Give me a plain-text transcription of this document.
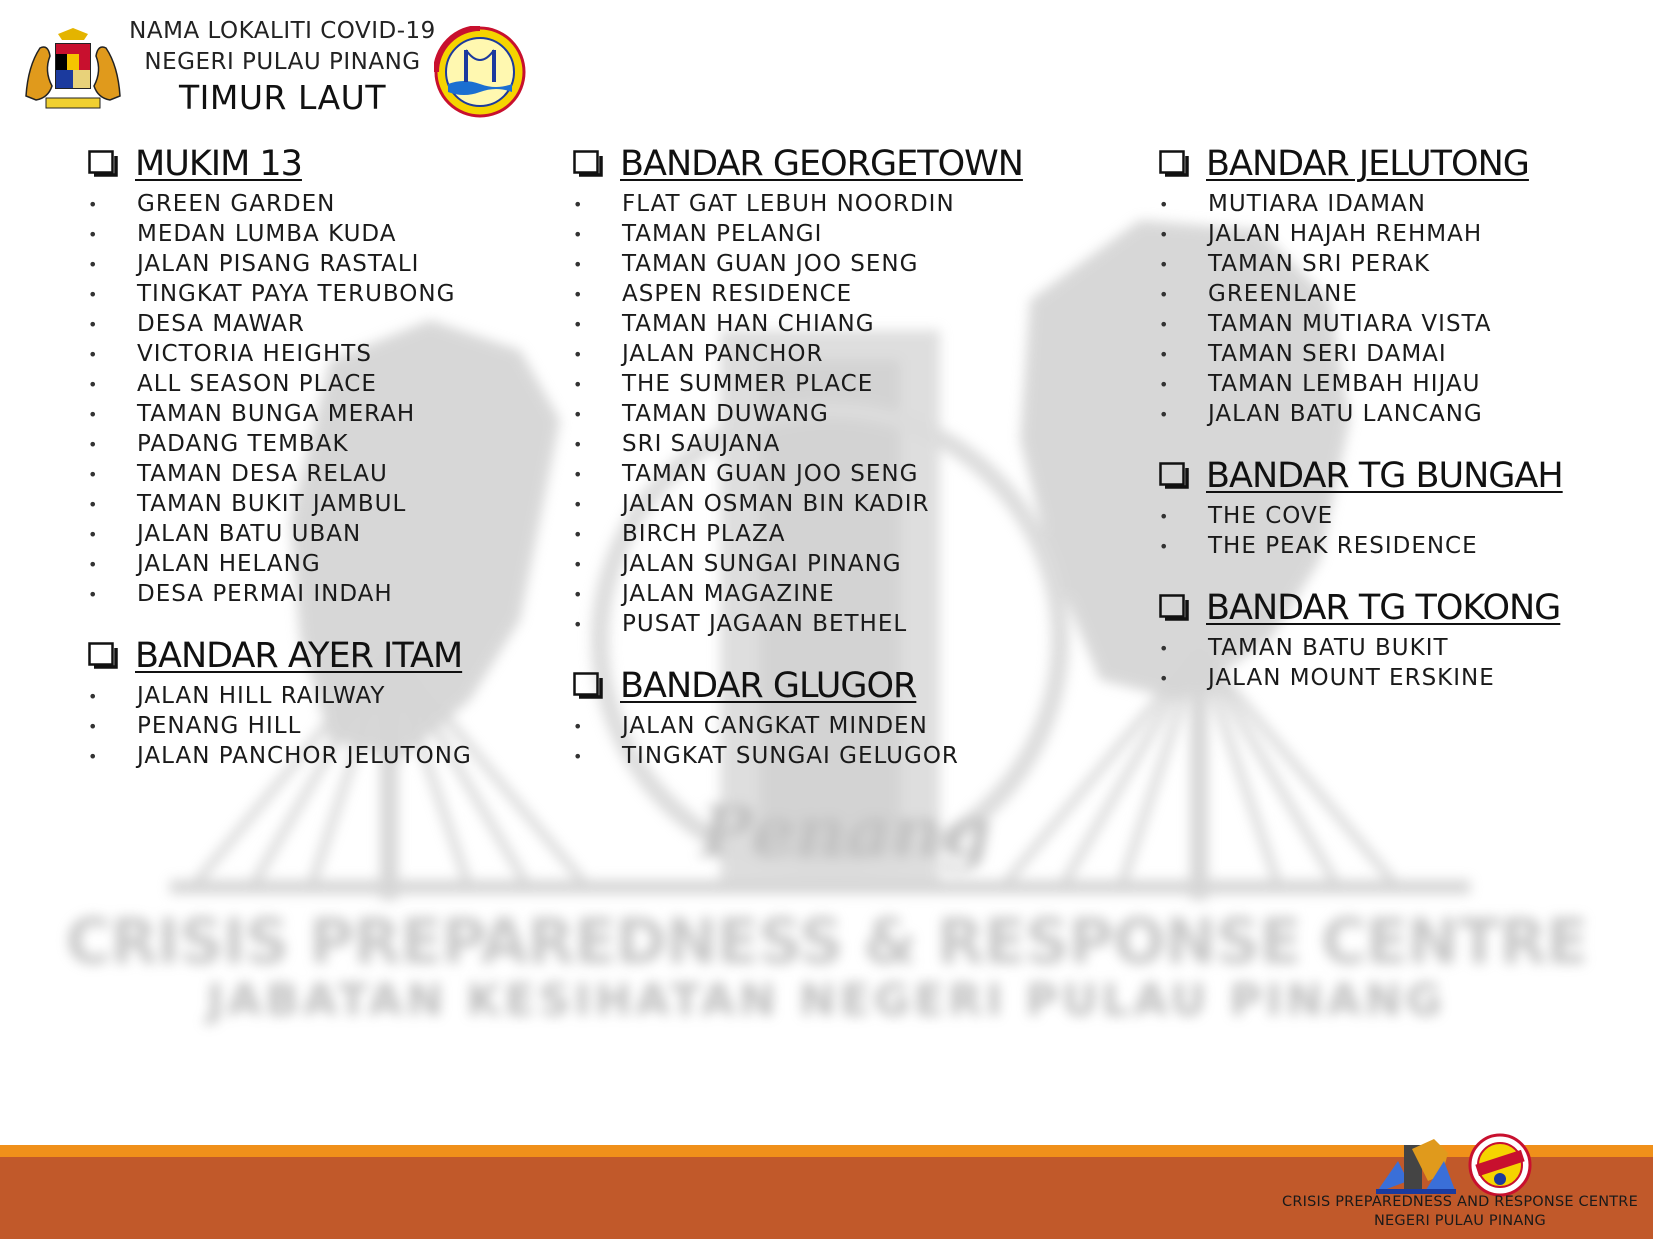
Penang
CRISIS PREPAREDNESS & RESPONSE CENTRE
JABATAN KESIHATAN NEGERI PULAU PINANG
NAMA LOKALITI COVID-19
NEGERI PULAU PINANG
TIMUR LAUT
MUKIM 13
•	GREEN GARDEN
•	MEDAN LUMBA KUDA
•	JALAN PISANG RASTALI
•	TINGKAT PAYA TERUBONG
•	DESA MAWAR
•	VICTORIA HEIGHTS
•	ALL SEASON PLACE
•	TAMAN BUNGA MERAH
•	PADANG TEMBAK
•	TAMAN DESA RELAU
•	TAMAN BUKIT JAMBUL
•	JALAN BATU UBAN
•	JALAN HELANG
•	DESA PERMAI INDAH
BANDAR AYER ITAM
•	JALAN HILL RAILWAY
•	PENANG HILL
•	JALAN PANCHOR JELUTONG
BANDAR GEORGETOWN
•	FLAT GAT LEBUH NOORDIN
•	TAMAN PELANGI
•	TAMAN GUAN JOO SENG
•	ASPEN RESIDENCE
•	TAMAN HAN CHIANG
•	JALAN PANCHOR
•	THE SUMMER PLACE
•	TAMAN DUWANG
•	SRI SAUJANA
•	TAMAN GUAN JOO SENG
•	JALAN OSMAN BIN KADIR
•	BIRCH PLAZA
•	JALAN SUNGAI PINANG
•	JALAN MAGAZINE
•	PUSAT JAGAAN BETHEL
BANDAR GLUGOR
•	JALAN CANGKAT MINDEN
•	TINGKAT SUNGAI GELUGOR
BANDAR JELUTONG
•	MUTIARA IDAMAN
•	JALAN HAJAH REHMAH
•	TAMAN SRI PERAK
•	GREENLANE
•	TAMAN MUTIARA VISTA
•	TAMAN SERI DAMAI
•	TAMAN LEMBAH HIJAU
•	JALAN BATU LANCANG
BANDAR TG BUNGAH
•	THE COVE
•	THE PEAK RESIDENCE
BANDAR TG TOKONG
•	TAMAN BATU BUKIT
•	JALAN MOUNT ERSKINE
CRISIS PREPAREDNESS AND RESPONSE CENTRE
NEGERI PULAU PINANG
